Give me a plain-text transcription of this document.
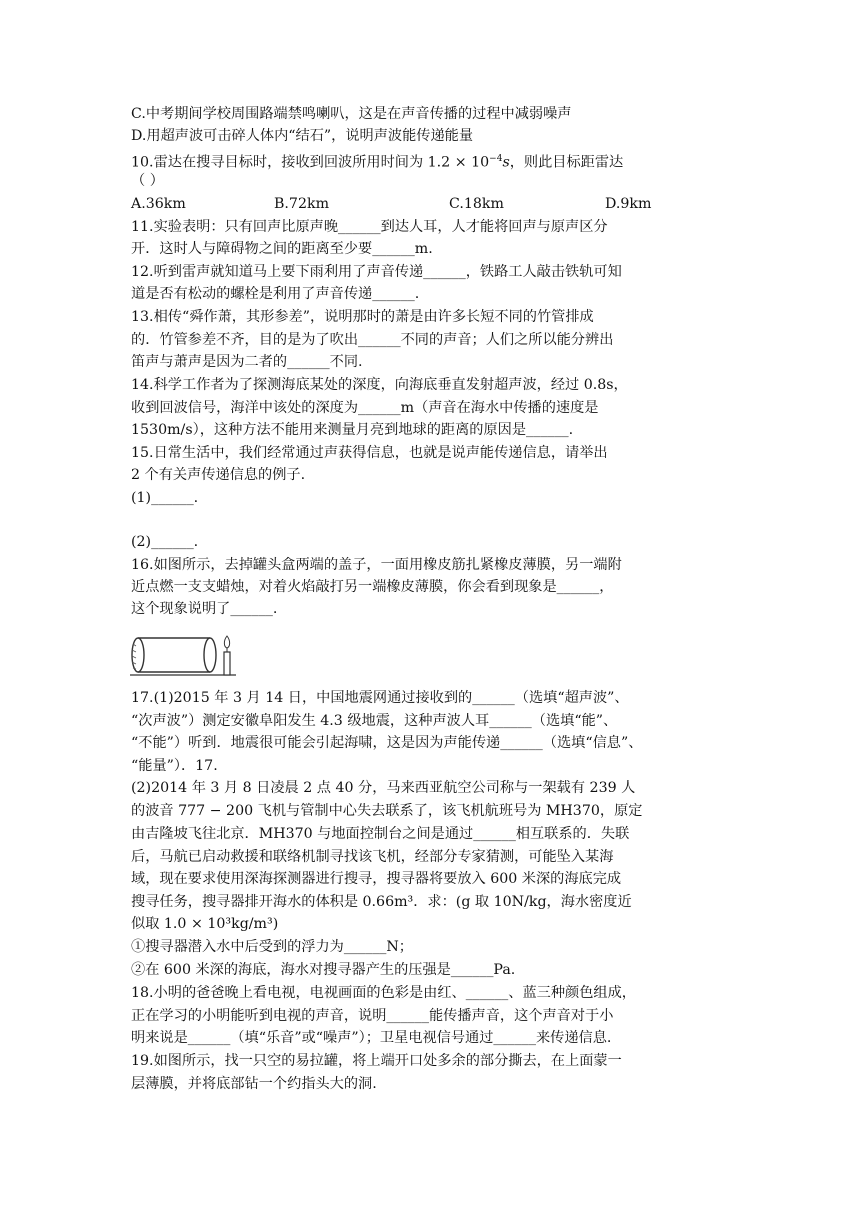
C.中考期间学校周围路端禁鸣喇叭，这是在声音传播的过程中减弱噪声
D.用超声波可击碎人体内“结石”，说明声波能传递能量
10.雷达在搜寻目标时，接收到回波所用时间为 $1.2 \times 10^{-4}s$，则此目标距雷达
（ ）
A.36km	B.72km	C.18km	D.9km
11.实验表明：只有回声比原声晚______到达人耳，人才能将回声与原声区分
开．这时人与障碍物之间的距离至少要______m.
12.听到雷声就知道马上要下雨利用了声音传递______，铁路工人敲击铁轨可知
道是否有松动的螺栓是利用了声音传递______.
13.相传“舜作萧，其形参差”，说明那时的萧是由许多长短不同的竹管排成
的．竹管参差不齐，目的是为了吹出______不同的声音；人们之所以能分辨出
笛声与萧声是因为二者的______不同.
14.科学工作者为了探测海底某处的深度，向海底垂直发射超声波，经过 0.8s，
收到回波信号，海洋中该处的深度为______m（声音在海水中传播的速度是
1530m/s），这种方法不能用来测量月亮到地球的距离的原因是______.
15.日常生活中，我们经常通过声获得信息，也就是说声能传递信息，请举出
2 个有关声传递信息的例子.
(1)______.
(2)______.
16.如图所示，去掉罐头盒两端的盖子，一面用橡皮筋扎紧橡皮薄膜，另一端附
近点燃一支支蜡烛，对着火焰敲打另一端橡皮薄膜，你会看到现象是______，
这个现象说明了______.
17.(1)2015 年 3 月 14 日，中国地震网通过接收到的______（选填“超声波”、
“次声波”）测定安徽阜阳发生 4.3 级地震，这种声波人耳______（选填“能”、
“不能”）听到．地震很可能会引起海啸，这是因为声能传递______（选填“信息”、
“能量”）．17.
(2)2014 年 3 月 8 日凌晨 2 点 40 分，马来西亚航空公司称与一架载有 239 人
的波音 777 − 200 飞机与管制中心失去联系了，该飞机航班号为 MH370，原定
由吉隆坡飞往北京．MH370 与地面控制台之间是通过______相互联系的．失联
后，马航已启动救援和联络机制寻找该飞机，经部分专家猜测，可能坠入某海
域，现在要求使用深海探测器进行搜寻，搜寻器将要放入 600 米深的海底完成
搜寻任务，搜寻器排开海水的体积是 0.66m³．求：(g 取 10N/kg，海水密度近
似取 1.0 × 10³kg/m³)
①搜寻器潜入水中后受到的浮力为______N；
②在 600 米深的海底，海水对搜寻器产生的压强是______Pa.
18.小明的爸爸晚上看电视，电视画面的色彩是由红、______、蓝三种颜色组成，
正在学习的小明能听到电视的声音，说明______能传播声音，这个声音对于小
明来说是______（填“乐音”或“噪声”）；卫星电视信号通过______来传递信息.
19.如图所示，找一只空的易拉罐，将上端开口处多余的部分撕去，在上面蒙一
层薄膜，并将底部钻一个约指头大的洞.
